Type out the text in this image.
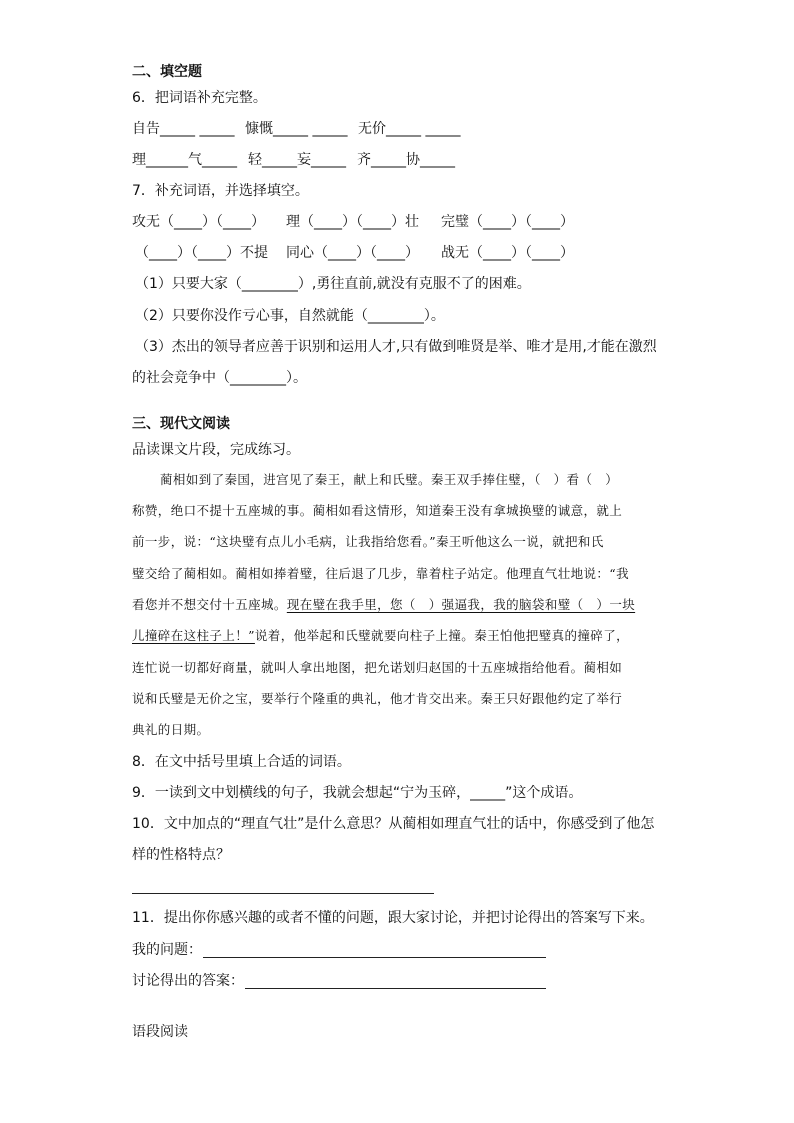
二、填空题
6．把词语补充完整。
自告_____ _____ 慷慨_____ _____ 无价_____ _____
理______气_____ 轻_____妄_____ 齐_____协_____
7．补充词语，并选择填空。
攻无（____）（____） 理（____）（____）壮 完璧（____）（____）
（____）（____）不提 同心（____）（____） 战无（____）（____）
（1）只要大家（________）,勇往直前,就没有克服不了的困难。
（2）只要你没作亏心事，自然就能（________）。
（3）杰出的领导者应善于识别和运用人才,只有做到唯贤是举、唯才是用,才能在激烈
的社会竞争中（________）。
三、现代文阅读
品读课文片段，完成练习。
蔺相如到了秦国，进宫见了秦王，献上和氏璧。秦王双手捧住璧，（　）看（　）
称赞，绝口不提十五座城的事。蔺相如看这情形，知道秦王没有拿城换璧的诚意，就上
前一步，说：“这块璧有点儿小毛病，让我指给您看。”秦王听他这么一说，就把和氏
璧交给了蔺相如。蔺相如捧着璧，往后退了几步，靠着柱子站定。他理直气壮地说：“我
看您并不想交付十五座城。现在璧在我手里，您（　）强逼我，我的脑袋和璧（　）一块
儿撞碎在这柱子上！”说着，他举起和氏璧就要向柱子上撞。秦王怕他把璧真的撞碎了，
连忙说一切都好商量，就叫人拿出地图，把允诺划归赵国的十五座城指给他看。蔺相如
说和氏璧是无价之宝，要举行个隆重的典礼，他才肯交出来。秦王只好跟他约定了举行
典礼的日期。
8．在文中括号里填上合适的词语。
9．一读到文中划横线的句子，我就会想起“宁为玉碎，_____”这个成语。
10．文中加点的“理直气壮”是什么意思？从蔺相如理直气壮的话中，你感受到了他怎
样的性格特点？
11．提出你你感兴趣的或者不懂的问题，跟大家讨论，并把讨论得出的答案写下来。
我的问题：
讨论得出的答案：
语段阅读
